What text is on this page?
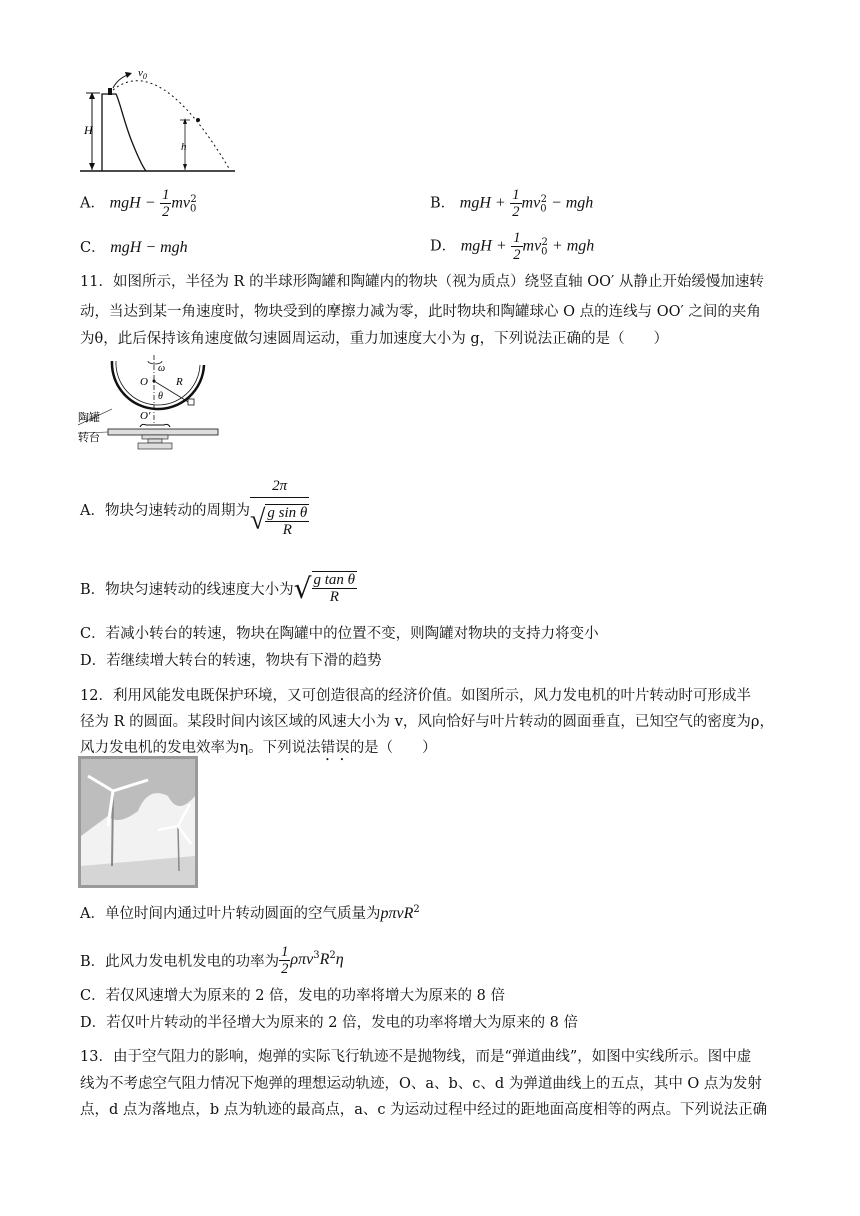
H
$v_0$
h
A． mgH − $\frac{1}{2} mv_0^2$	B． mgH + $\frac{1}{2} mv_0^2$ − mgh
C． mgH − mgh	D． mgH + $\frac{1}{2} mv_0^2$ + mgh
11．如图所示，半径为 R 的半球形陶罐和陶罐内的物块（视为质点）绕竖直轴 OO′ 从静止开始缓慢加速转
动，当达到某一角速度时，物块受到的摩擦力减为零，此时物块和陶罐球心 O 点的连线与 OO′ 之间的夹角
为θ，此后保持该角速度做匀速圆周运动，重力加速度大小为 g，下列说法正确的是（　　）
ω
O	R
θ
O′
陶罐
转台
A．物块匀速转动的周期为 $\frac{2\pi}{√ \frac{\text{g sin θ}}{R}}$
B．物块匀速转动的线速度大小为 √ $\frac{\text{g tan θ}}{R}$
C．若减小转台的转速，物块在陶罐中的位置不变，则陶罐对物块的支持力将变小
D．若继续增大转台的转速，物块有下滑的趋势
12．利用风能发电既保护环境，又可创造很高的经济价值。如图所示，风力发电机的叶片转动时可形成半
径为 R 的圆面。某段时间内该区域的风速大小为 v，风向恰好与叶片转动的圆面垂直，已知空气的密度为ρ，
风力发电机的发电效率为η。下列说法错误的是（　　）
A．单位时间内通过叶片转动圆面的空气质量为pπvR$^2$
B．此风力发电机发电的功率为 $\frac{1}{2} \rho\pi v^3$ $R^2$ η
C．若仅风速增大为原来的 2 倍，发电的功率将增大为原来的 8 倍
D．若仅叶片转动的半径增大为原来的 2 倍，发电的功率将增大为原来的 8 倍
13．由于空气阻力的影响，炮弹的实际飞行轨迹不是抛物线，而是“弹道曲线”，如图中实线所示。图中虚
线为不考虑空气阻力情况下炮弹的理想运动轨迹，O、a、b、c、d 为弹道曲线上的五点，其中 O 点为发射
点，d 点为落地点，b 点为轨迹的最高点，a、c 为运动过程中经过的距地面高度相等的两点。下列说法正确
